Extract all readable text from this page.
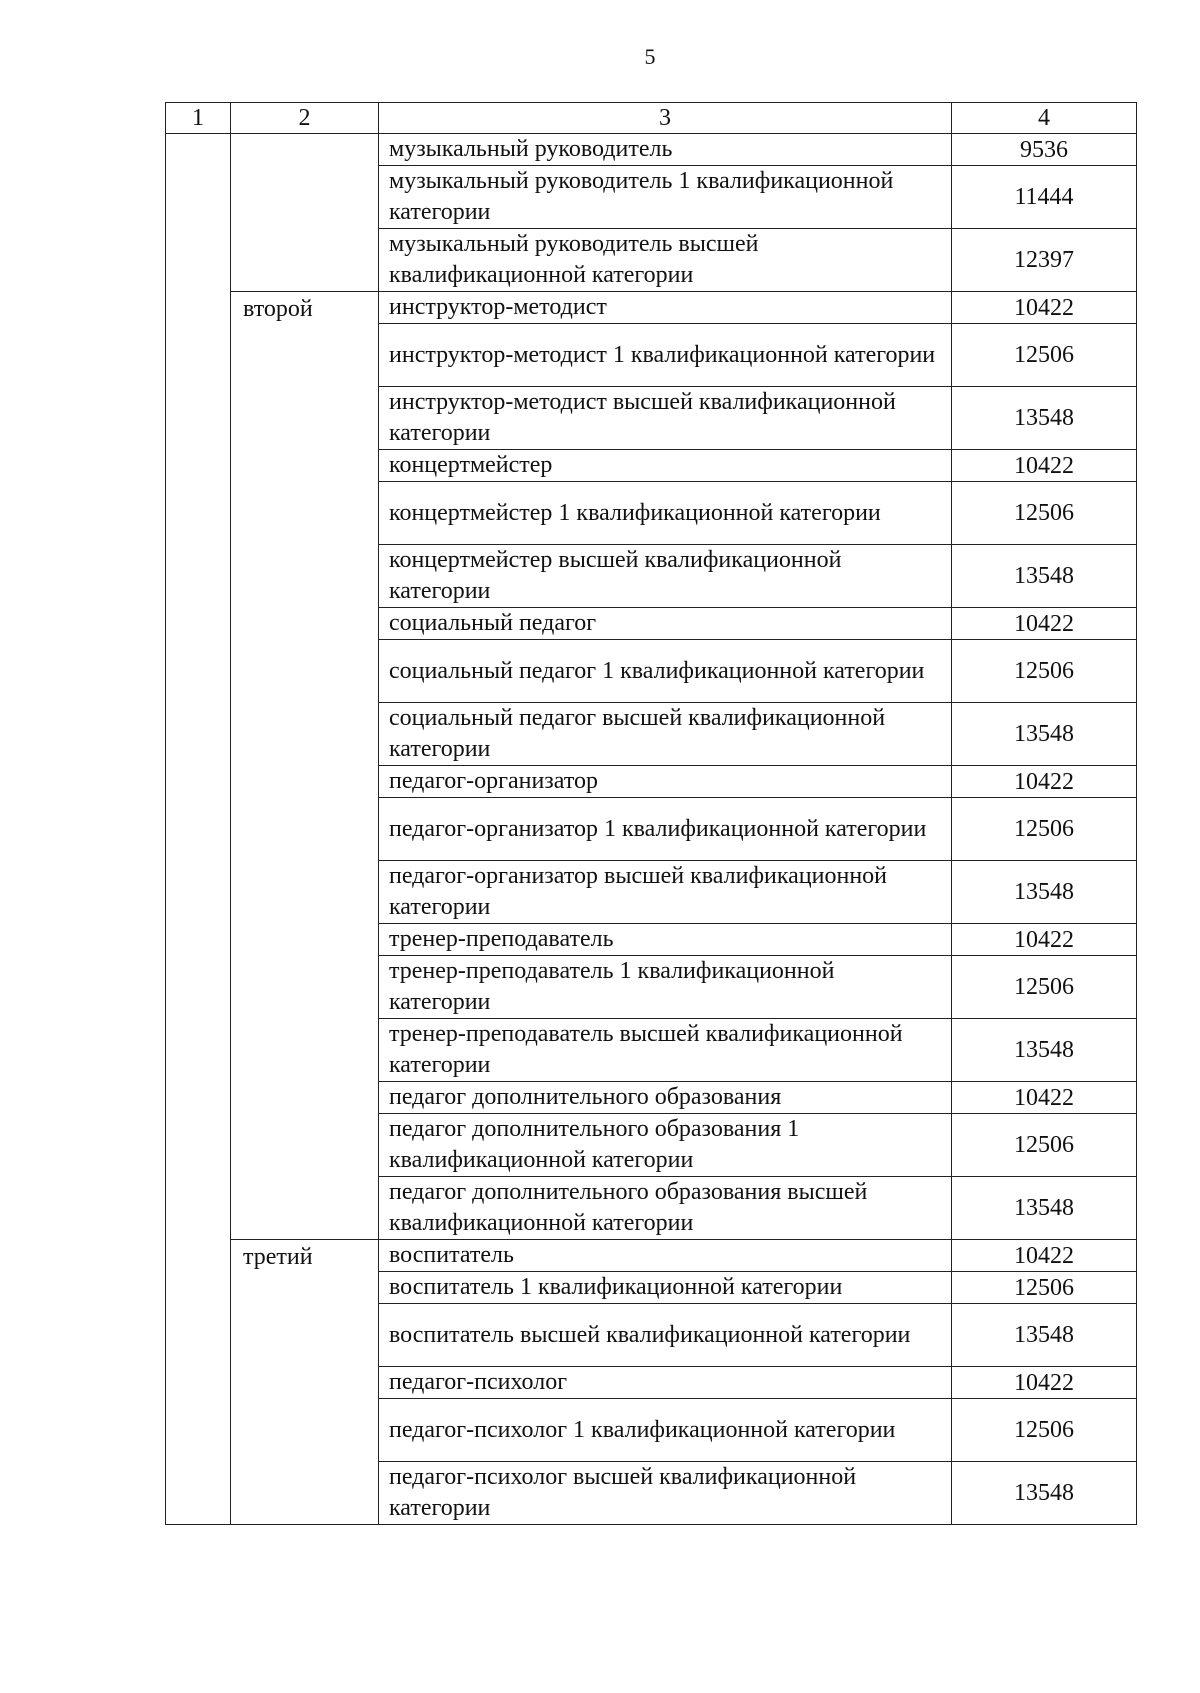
5
1	2	3	4
		музыкальный руководитель	9536
		музыкальный руководитель 1 квалификационной категории	11444
		музыкальный руководитель высшей квалификационной категории	12397
	второй	инструктор-методист	10422
		инструктор-методист 1 квалификационной категории	12506
		инструктор-методист высшей квалификационной категории	13548
		концертмейстер	10422
		концертмейстер 1 квалификационной категории	12506
		концертмейстер высшей квалификационной категории	13548
		социальный педагог	10422
		социальный педагог 1 квалификационной категории	12506
		социальный педагог высшей квалификационной категории	13548
		педагог-организатор	10422
		педагог-организатор 1 квалификационной категории	12506
		педагог-организатор высшей квалификационной категории	13548
		тренер-преподаватель	10422
		тренер-преподаватель 1 квалификационной категории	12506
		тренер-преподаватель высшей квалификационной категории	13548
		педагог дополнительного образования	10422
		педагог дополнительного образования 1 квалификационной категории	12506
		педагог дополнительного образования высшей квалификационной категории	13548
	третий	воспитатель	10422
		воспитатель 1 квалификационной категории	12506
		воспитатель высшей квалификационной категории	13548
		педагог-психолог	10422
		педагог-психолог 1 квалификационной категории	12506
		педагог-психолог высшей квалификационной категории	13548
